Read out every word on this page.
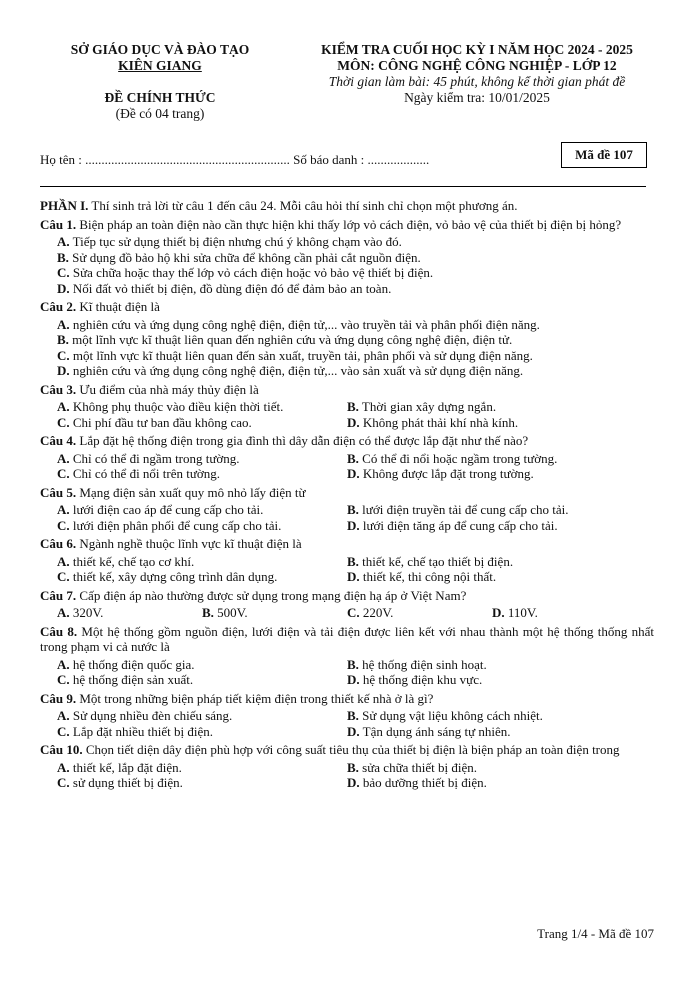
SỞ GIÁO DỤC VÀ ĐÀO TẠO
KIÊN GIANG
ĐỀ CHÍNH THỨC
(Đề có 04 trang)
KIỂM TRA CUỐI HỌC KỲ I NĂM HỌC 2024 - 2025
MÔN: CÔNG NGHỆ CÔNG NGHIỆP - LỚP 12
Thời gian làm bài: 45 phút, không kể thời gian phát đề
Ngày kiểm tra: 10/01/2025
Họ tên : ............................................................... Số báo danh : ...................	Mã đề 107

PHẦN I. Thí sinh trả lời từ câu 1 đến câu 24. Mỗi câu hỏi thí sinh chỉ chọn một phương án.

Câu 1. Biện pháp an toàn điện nào cần thực hiện khi thấy lớp vỏ cách điện, vỏ bảo vệ của thiết bị điện bị hỏng?

A. Tiếp tục sử dụng thiết bị điện nhưng chú ý không chạm vào đó.

B. Sử dụng đồ bảo hộ khi sửa chữa để không cần phải cắt nguồn điện.

C. Sửa chữa hoặc thay thế lớp vỏ cách điện hoặc vỏ bảo vệ thiết bị điện.

D. Nối đất vỏ thiết bị điện, đồ dùng điện đó để đảm bảo an toàn.

Câu 2. Kĩ thuật điện là

A. nghiên cứu và ứng dụng công nghệ điện, điện tử,... vào truyền tải và phân phối điện năng.

B. một lĩnh vực kĩ thuật liên quan đến nghiên cứu và ứng dụng công nghệ điện, điện tử.

C. một lĩnh vực kĩ thuật liên quan đến sản xuất, truyền tải, phân phối và sử dụng điện năng.

D. nghiên cứu và ứng dụng công nghệ điện, điện tử,... vào sản xuất và sử dụng điện năng.

Câu 3. Ưu điểm của nhà máy thủy điện là

A. Không phụ thuộc vào điều kiện thời tiết.	B. Thời gian xây dựng ngắn.
C. Chi phí đầu tư ban đầu không cao.	D. Không phát thải khí nhà kính.

Câu 4. Lắp đặt hệ thống điện trong gia đình thì dây dẫn điện có thể được lắp đặt như thế nào?

A. Chỉ có thể đi ngầm trong tường.	B. Có thể đi nổi hoặc ngầm trong tường.
C. Chỉ có thể đi nổi trên tường.	D. Không được lắp đặt trong tường.

Câu 5. Mạng điện sản xuất quy mô nhỏ lấy điện từ

A. lưới điện cao áp để cung cấp cho tải.	B. lưới điện truyền tải để cung cấp cho tải.
C. lưới điện phân phối để cung cấp cho tải.	D. lưới điện tăng áp để cung cấp cho tải.

Câu 6. Ngành nghề thuộc lĩnh vực kĩ thuật điện là

A. thiết kế, chế tạo cơ khí.	B. thiết kế, chế tạo thiết bị điện.
C. thiết kế, xây dựng công trình dân dụng.	D. thiết kế, thi công nội thất.

Câu 7. Cấp điện áp nào thường được sử dụng trong mạng điện hạ áp ở Việt Nam?

A. 320V.	B. 500V.	C. 220V.	D. 110V.

Câu 8. Một hệ thống gồm nguồn điện, lưới điện và tải điện được liên kết với nhau thành một hệ thống thống nhất trong phạm vi cả nước là

A. hệ thống điện quốc gia.	B. hệ thống điện sinh hoạt.
C. hệ thống điện sản xuất.	D. hệ thống điện khu vực.

Câu 9. Một trong những biện pháp tiết kiệm điện trong thiết kế nhà ở là gì?

A. Sử dụng nhiều đèn chiếu sáng.	B. Sử dụng vật liệu không cách nhiệt.
C. Lắp đặt nhiều thiết bị điện.	D. Tận dụng ánh sáng tự nhiên.

Câu 10. Chọn tiết diện dây điện phù hợp với công suất tiêu thụ của thiết bị điện là biện pháp an toàn điện trong

A. thiết kế, lắp đặt điện.	B. sửa chữa thiết bị điện.
C. sử dụng thiết bị điện.	D. bảo dưỡng thiết bị điện.
Trang 1/4 - Mã đề 107
